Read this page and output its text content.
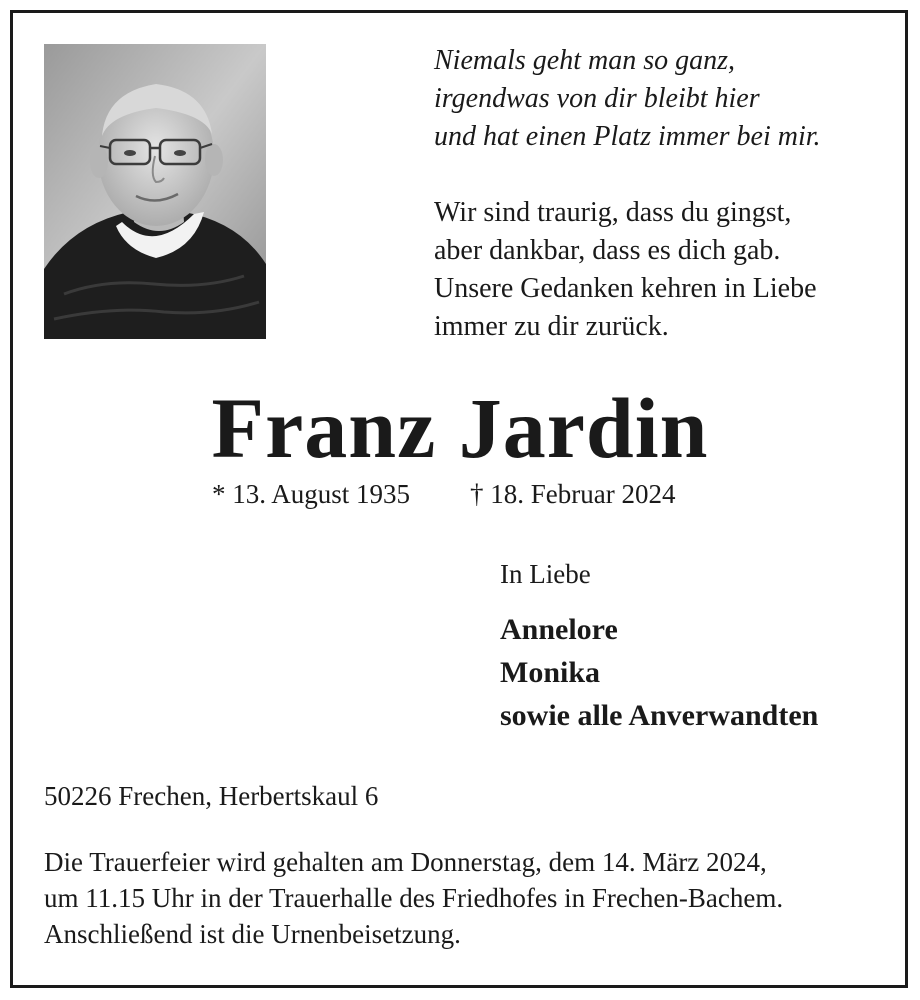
Niemals geht man so ganz,
irgendwas von dir bleibt hier
und hat einen Platz immer bei mir.
Wir sind traurig, dass du gingst,
aber dankbar, dass es dich gab.
Unsere Gedanken kehren in Liebe
immer zu dir zurück.
Franz Jardin
* 13. August 1935 † 18. Februar 2024
In Liebe
Annelore
Monika
sowie alle Anverwandten
50226 Frechen, Herbertskaul 6
Die Trauerfeier wird gehalten am Donnerstag, dem 14. März 2024,
um 11.15 Uhr in der Trauerhalle des Friedhofes in Frechen-Bachem.
Anschließend ist die Urnenbeisetzung.
